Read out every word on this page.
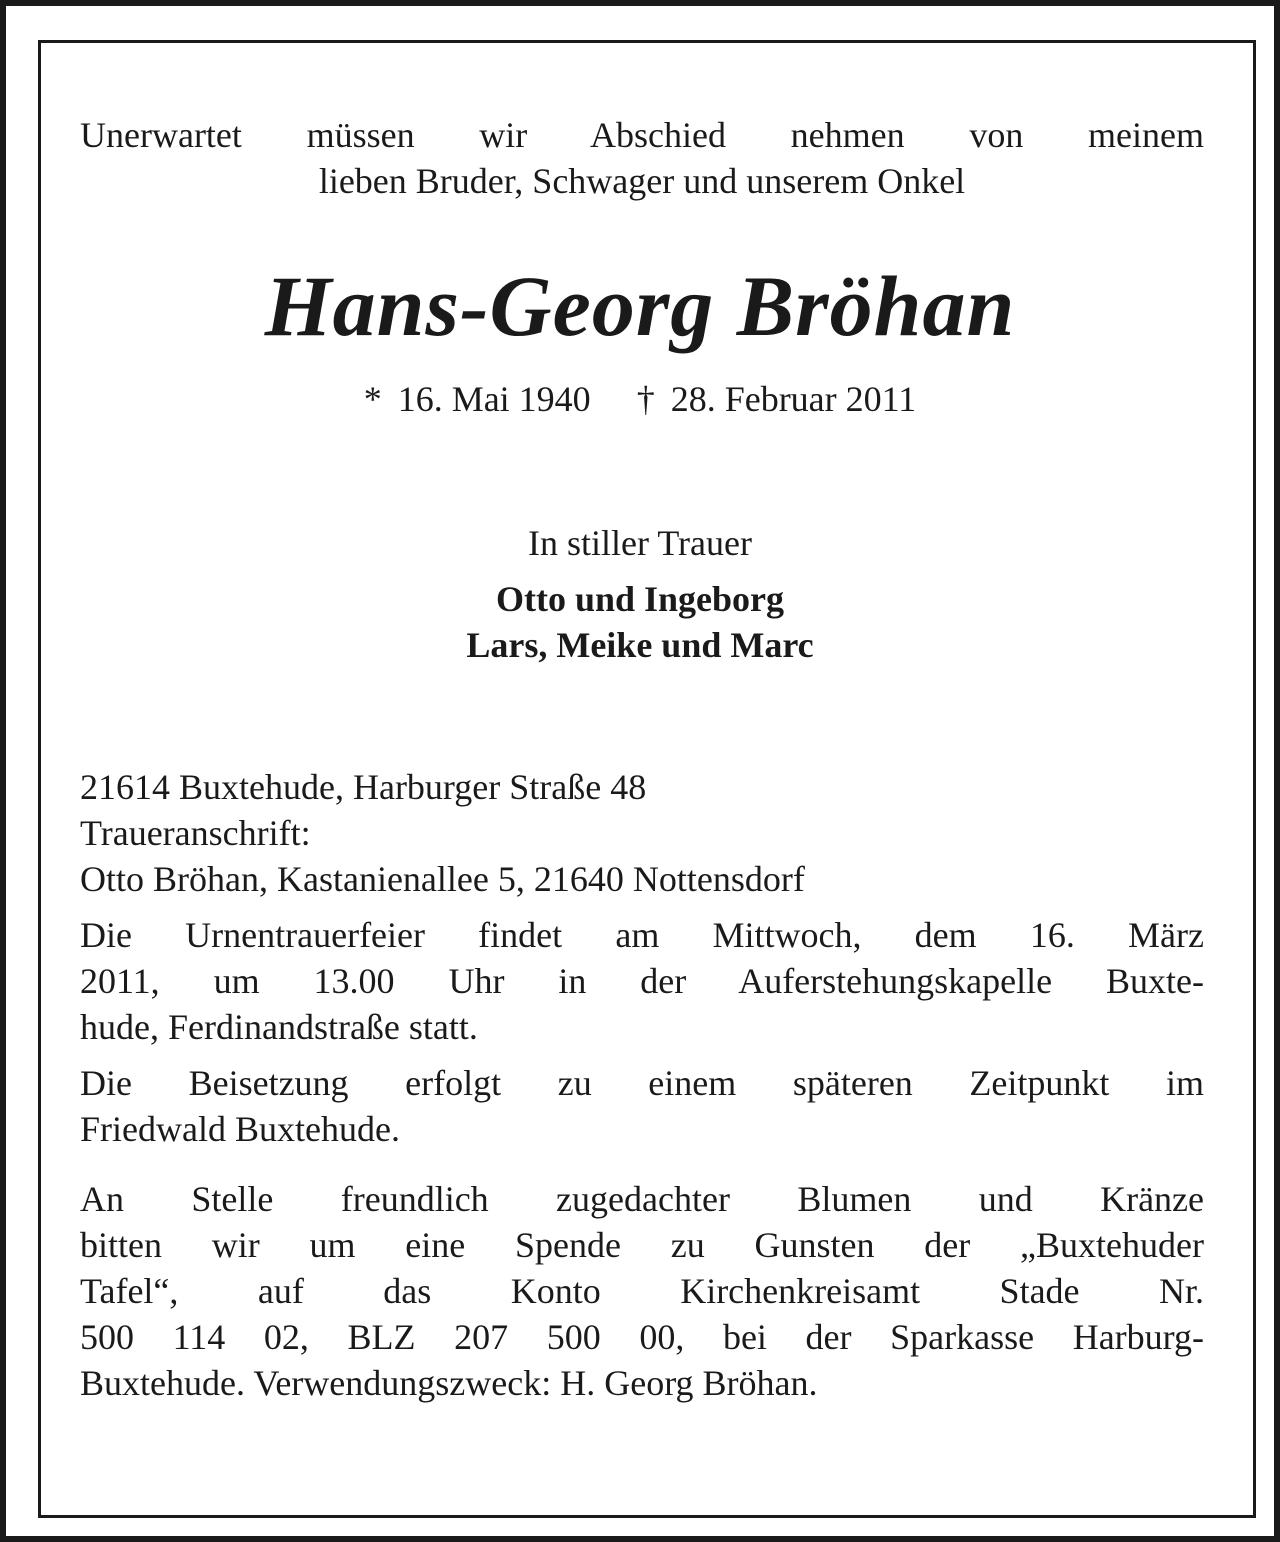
Unerwartet müssen wir Abschied nehmen von meinem
lieben Bruder, Schwager und unserem Onkel
Hans-Georg Bröhan
* 16. Mai 1940 † 28. Februar 2011
In stiller Trauer
Otto und Ingeborg
Lars, Meike und Marc
21614 Buxtehude, Harburger Straße 48
Traueranschrift:
Otto Bröhan, Kastanienallee 5, 21640 Nottensdorf
Die Urnentrauerfeier findet am Mittwoch, dem 16. März
2011, um 13.00 Uhr in der Auferstehungskapelle Buxte-
hude, Ferdinandstraße statt.
Die Beisetzung erfolgt zu einem späteren Zeitpunkt im
Friedwald Buxtehude.
An Stelle freundlich zugedachter Blumen und Kränze
bitten wir um eine Spende zu Gunsten der „Buxtehuder
Tafel“, auf das Konto Kirchenkreisamt Stade Nr.
500 114 02, BLZ 207 500 00, bei der Sparkasse Harburg-
Buxtehude. Verwendungszweck: H. Georg Bröhan.
